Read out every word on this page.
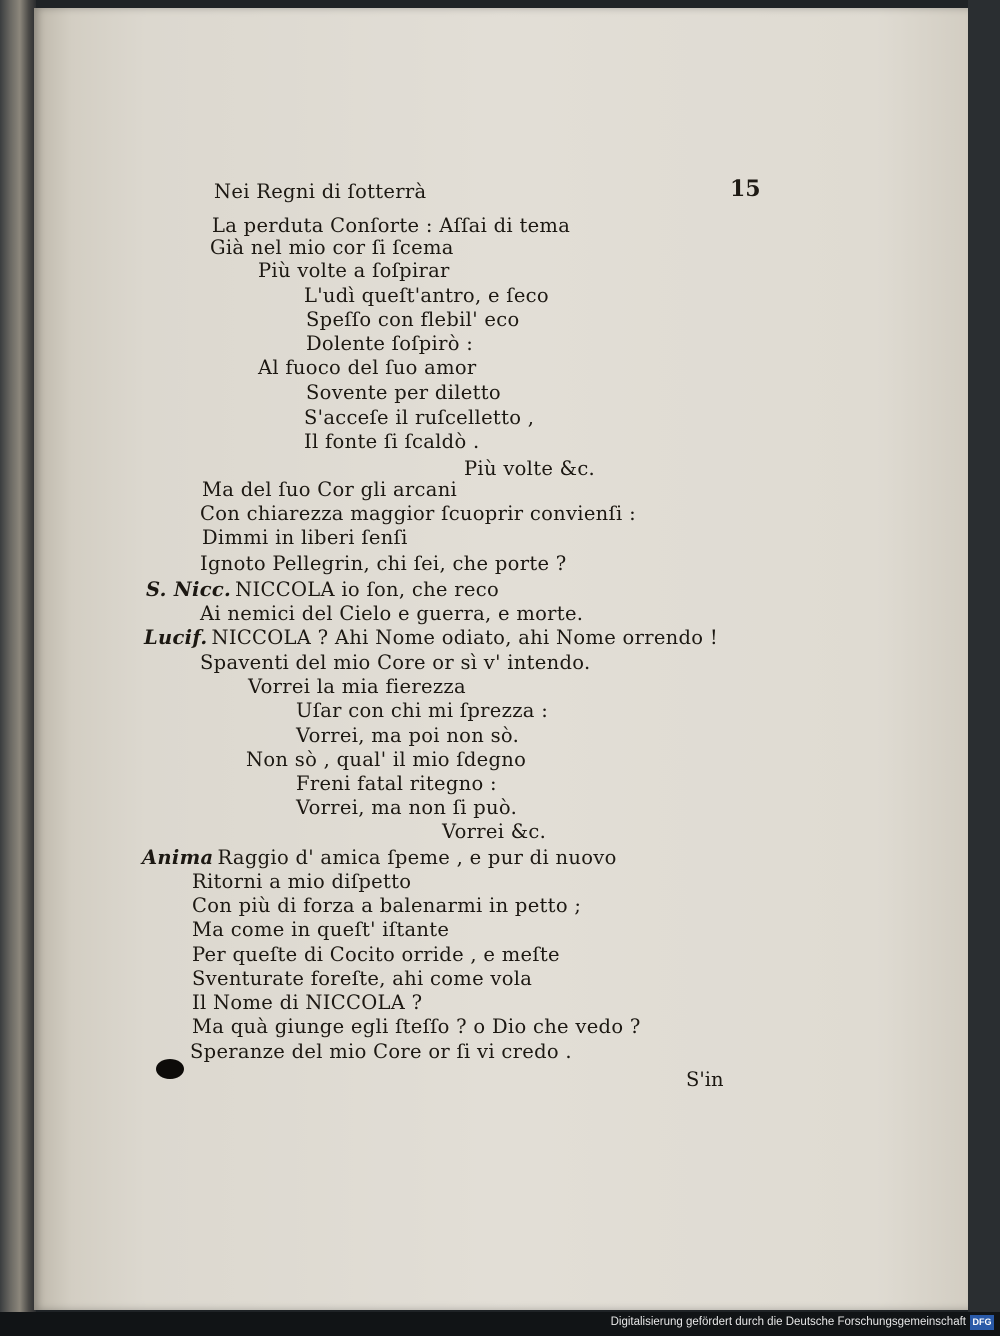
15
Nei Regni di ſotterrà
La perduta Conſorte : Aſſai di tema
Già nel mio cor ſi ſcema
Più volte a ſoſpirar
L'udì queſt'antro, e ſeco
Speſſo con flebil' eco
Dolente ſoſpirò :
Al fuoco del ſuo amor
Sovente per diletto
S'acceſe il ruſcelletto ,
Il fonte ſi ſcaldò .
Più volte &c.
Ma del ſuo Cor gli arcani
Con chiarezza maggior ſcuoprir convienſi :
Dimmi in liberi ſenſi
Ignoto Pellegrin, chi ſei, che porte ?
S. Nicc. NICCOLA io ſon, che reco
Ai nemici del Cielo e guerra, e morte.
Lucif. NICCOLA ? Ahi Nome odiato, ahi Nome orrendo !
Spaventi del mio Core or sì v' intendo.
Vorrei la mia fierezza
Uſar con chi mi ſprezza :
Vorrei, ma poi non sò.
Non sò , qual' il mio ſdegno
Freni fatal ritegno :
Vorrei, ma non ſi può.
Vorrei &c.
Anima Raggio d' amica ſpeme , e pur di nuovo
Ritorni a mio diſpetto
Con più di forza a balenarmi in petto ;
Ma come in queſt' iſtante
Per queſte di Cocito orride , e meſte
Sventurate foreſte, ahi come vola
Il Nome di NICCOLA ?
Ma quà giunge egli ſteſſo ? o Dio che vedo ?
Speranze del mio Core or ſi vi credo .
S'in
Digitalisierung gefördert durch die Deutsche Forschungsgemeinschaft DFG
